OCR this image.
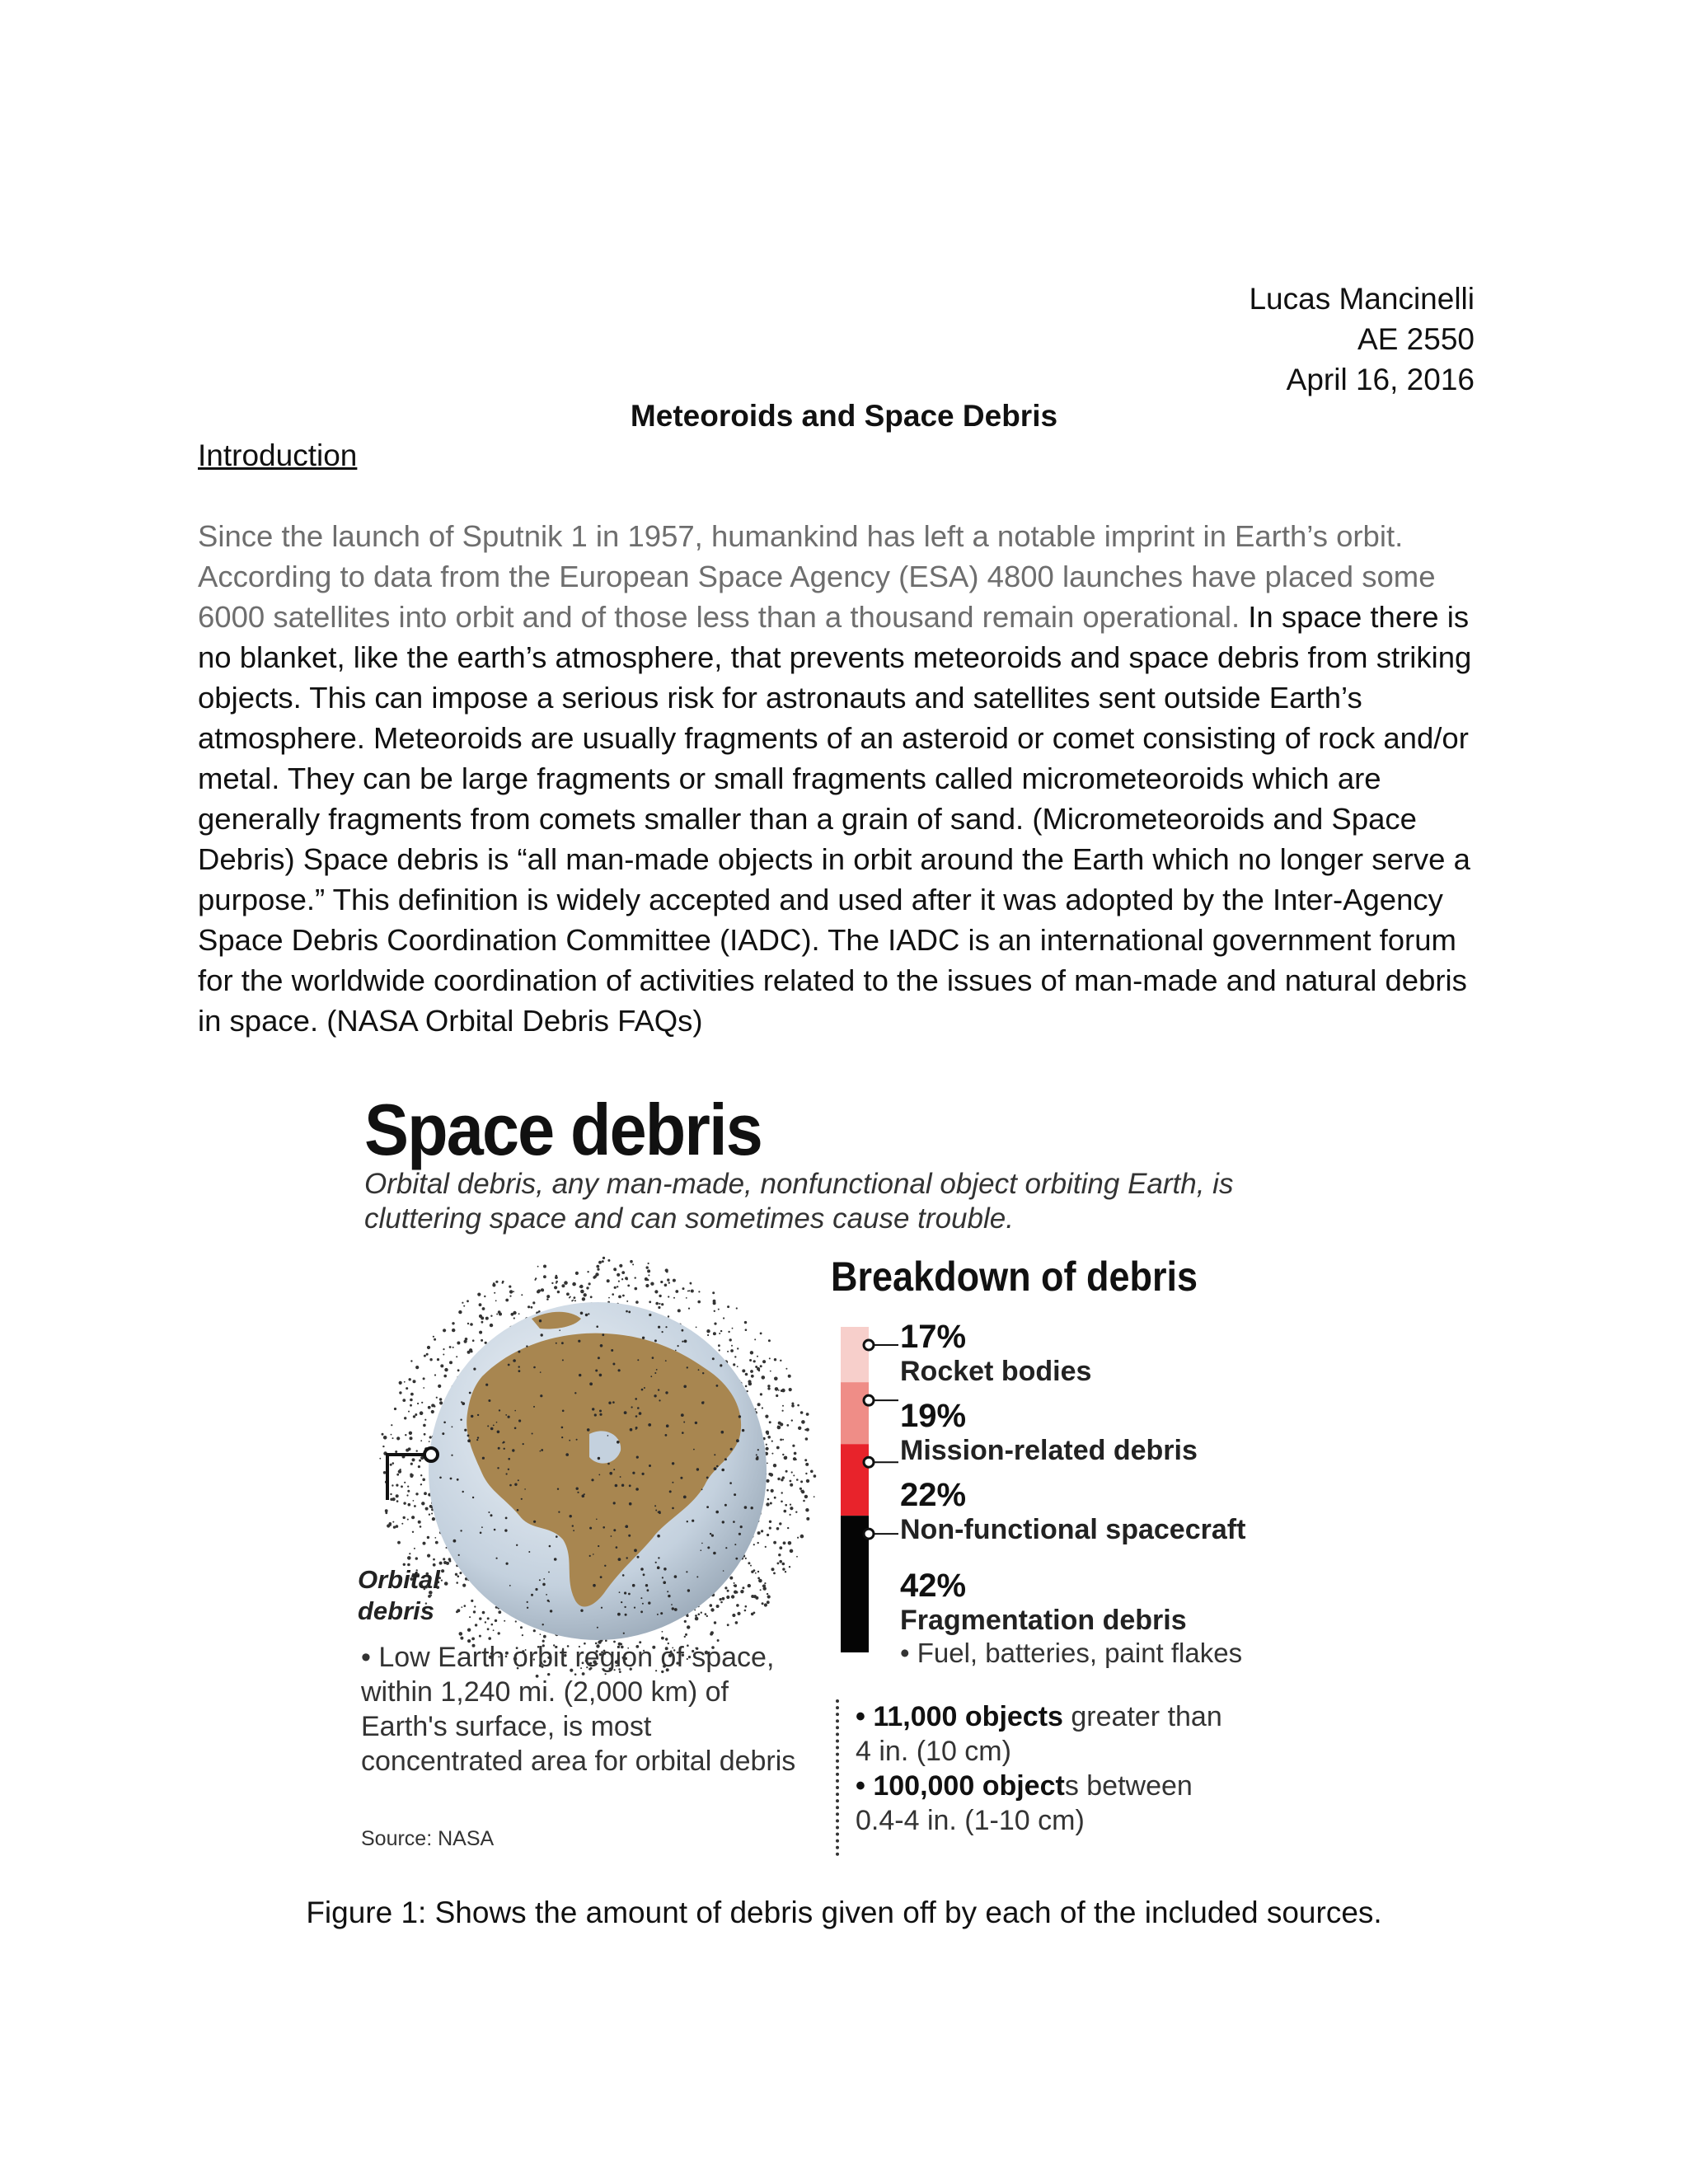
Lucas Mancinelli
AE 2550
April 16, 2016
Meteoroids and Space Debris
Introduction

Since the launch of Sputnik 1 in 1957, humankind has left a notable imprint in Earth’s orbit. According to data from the European Space Agency (ESA) 4800 launches have placed some 6000 satellites into orbit and of those less than a thousand remain operational. In space there is no blanket, like the earth’s atmosphere, that prevents meteoroids and space debris from striking objects. This can impose a serious risk for astronauts and satellites sent outside Earth’s atmosphere. Meteoroids are usually fragments of an asteroid or comet consisting of rock and/or metal. They can be large fragments or small fragments called micrometeoroids which are generally fragments from comets smaller than a grain of sand. (Micrometeoroids and Space Debris) Space debris is “all man-made objects in orbit around the Earth which no longer serve a purpose.” This definition is widely accepted and used after it was adopted by the Inter-Agency Space Debris Coordination Committee (IADC). The IADC is an international government forum for the worldwide coordination of activities related to the issues of man-made and natural debris in space. (NASA Orbital Debris FAQs)

Space debris
Orbital debris, any man-made, nonfunctional object orbiting Earth, is cluttering space and can sometimes cause trouble.
Orbital
debris
• Low Earth orbit region of space, within 1,240 mi. (2,000 km) of Earth's surface, is most concentrated area for orbital debris
Source: NASA
Breakdown of debris
17%
Rocket bodies
19%
Mission-related debris
22%
Non-functional spacecraft
42%
Fragmentation debris
• Fuel, batteries, paint flakes
• 11,000 objects greater than
4 in. (10 cm)
• 100,000 objects between
0.4-4 in. (1-10 cm)
Figure 1: Shows the amount of debris given off by each of the included sources.
